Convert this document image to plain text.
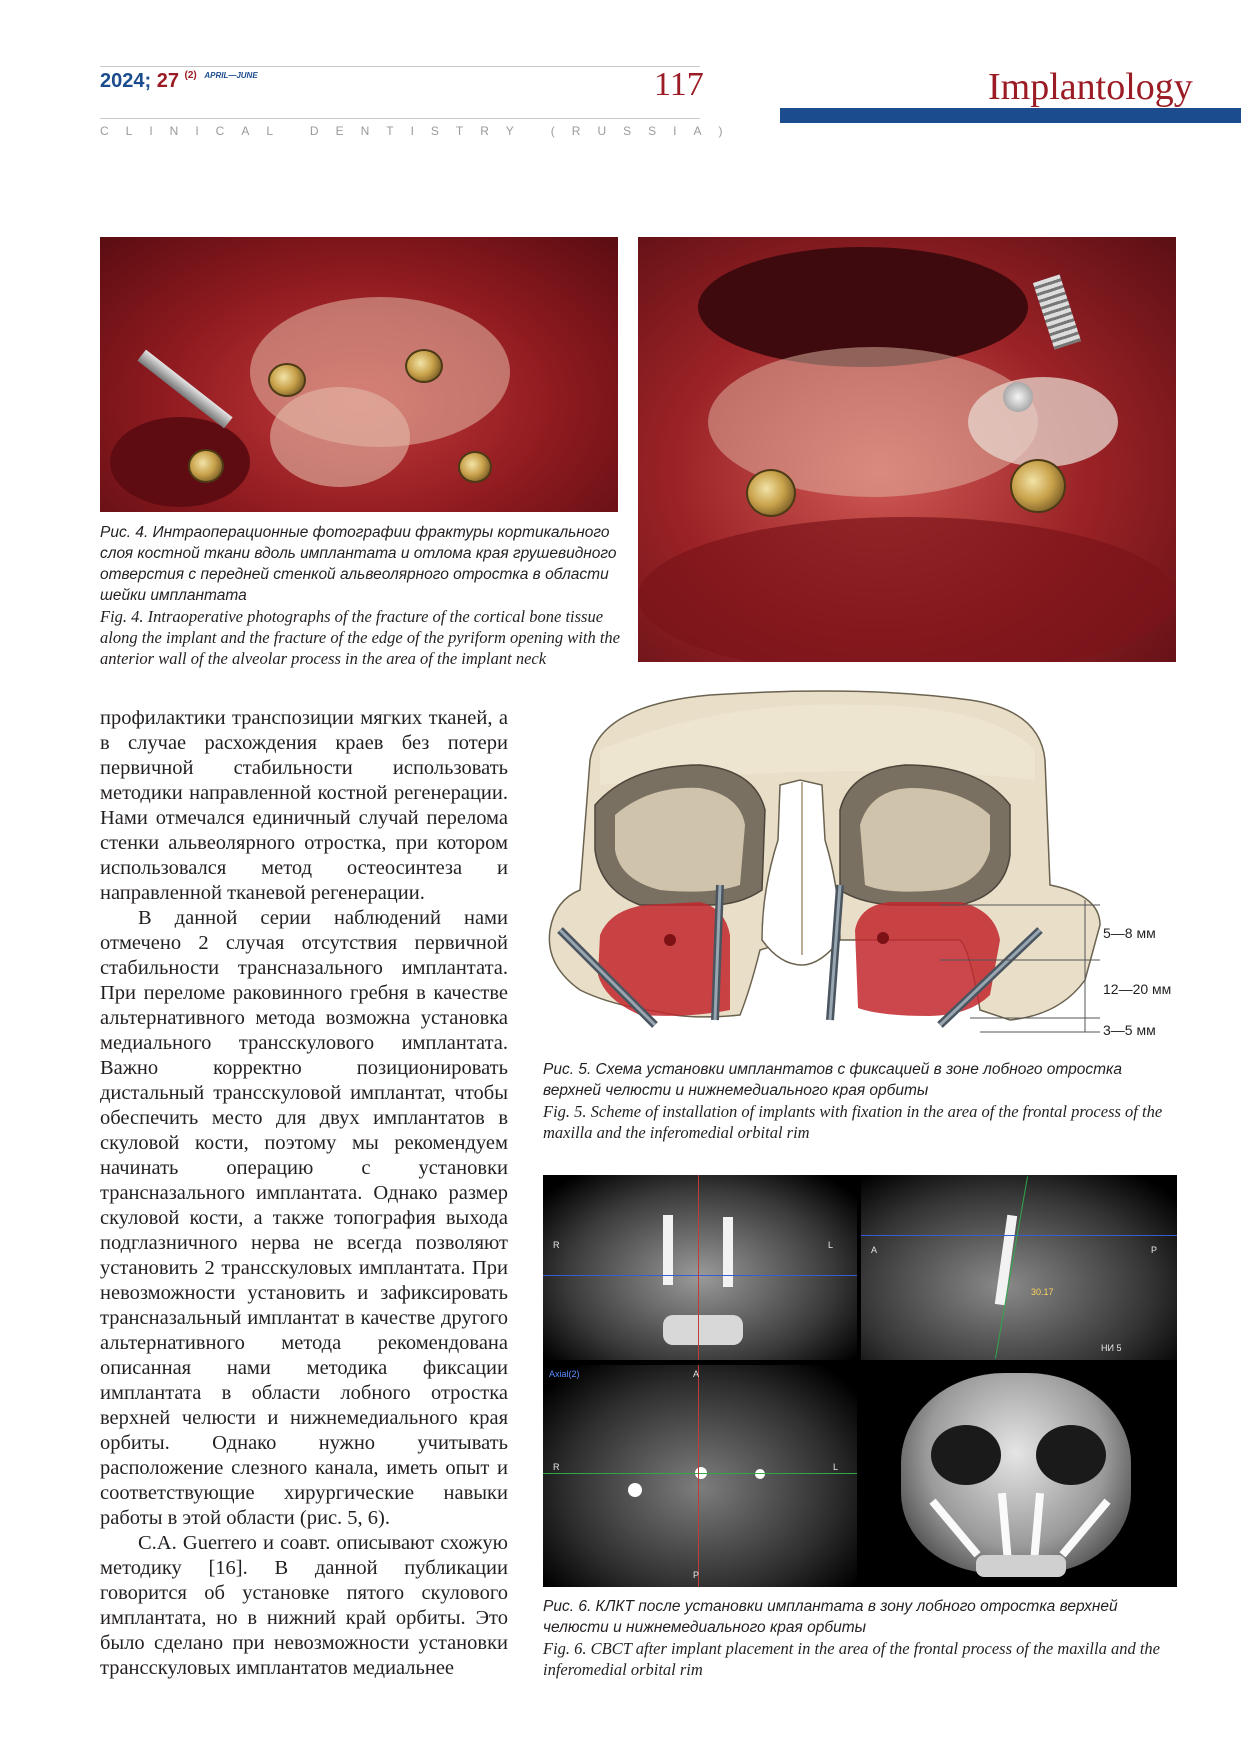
2024; 27 $^{(2)}$ $^{APRIL—JUNE}$	117
CLINICAL DENTISTRY (RUSSIA)
Implantology
Рис. 4. Интраоперационные фотографии фрактуры кортикального слоя костной ткани вдоль имплантата и отлома края грушевидного отверстия с передней стенкой альвеолярного отростка в области шейки имплантата
Fig. 4. Intraoperative photographs of the fracture of the cortical bone tissue along the implant and the fracture of the edge of the pyriform opening with the anterior wall of the alveolar process in the area of the implant neck

профилактики транспозиции мягких тканей, а в случае расхождения краев без потери первичной стабильности использовать методики направленной костной регенерации. Нами отмечался единичный случай перелома стенки альвеолярного отростка, при котором использовался метод остеосинтеза и направленной тканевой регенерации.

В данной серии наблюдений нами отмечено 2 случая отсутствия первичной стабильности трансназального имплантата. При переломе раковинного гребня в качестве альтернативного метода возможна установка медиального трансскулового имплантата. Важно корректно позиционировать дистальный трансскуловой имплантат, чтобы обеспечить место для двух имплантатов в скуловой кости, поэтому мы рекомендуем начинать операцию с установки трансназального имплантата. Однако размер скуловой кости, а также топография выхода подглазничного нерва не всегда позволяют установить 2 трансскуловых имплантата. При невозможности установить и зафиксировать трансназальный имплантат в качестве другого альтернативного метода рекомендована описанная нами методика фиксации имплантата в области лобного отростка верхней челюсти и нижнемедиального края орбиты. Однако нужно учитывать расположение слезного канала, иметь опыт и соответствующие хирургические навыки работы в этой области (рис. 5, 6).

C.A. Guerrero и соавт. описывают схожую методику [16]. В данной публикации говорится об установке пятого скулового имплантата, но в нижний край орбиты. Это было сделано при невозможности установки трансскуловых имплантатов медиальнее

5—8 мм
12—20 мм
3—5 мм
Рис. 5. Схема установки имплантатов с фиксацией в зоне лобного отростка верхней челюсти и нижнемедиального края орбиты
Fig. 5. Scheme of installation of implants with fixation in the area of the frontal process of the maxilla and the inferomedial orbital rim
R	L	A	P
30.17
НИ 5
Axial(2)	A
P
R	L
Рис. 6. КЛКТ после установки имплантата в зону лобного отростка верхней челюсти и нижнемедиального края орбиты
Fig. 6. CBCT after implant placement in the area of the frontal process of the maxilla and the inferomedial orbital rim
